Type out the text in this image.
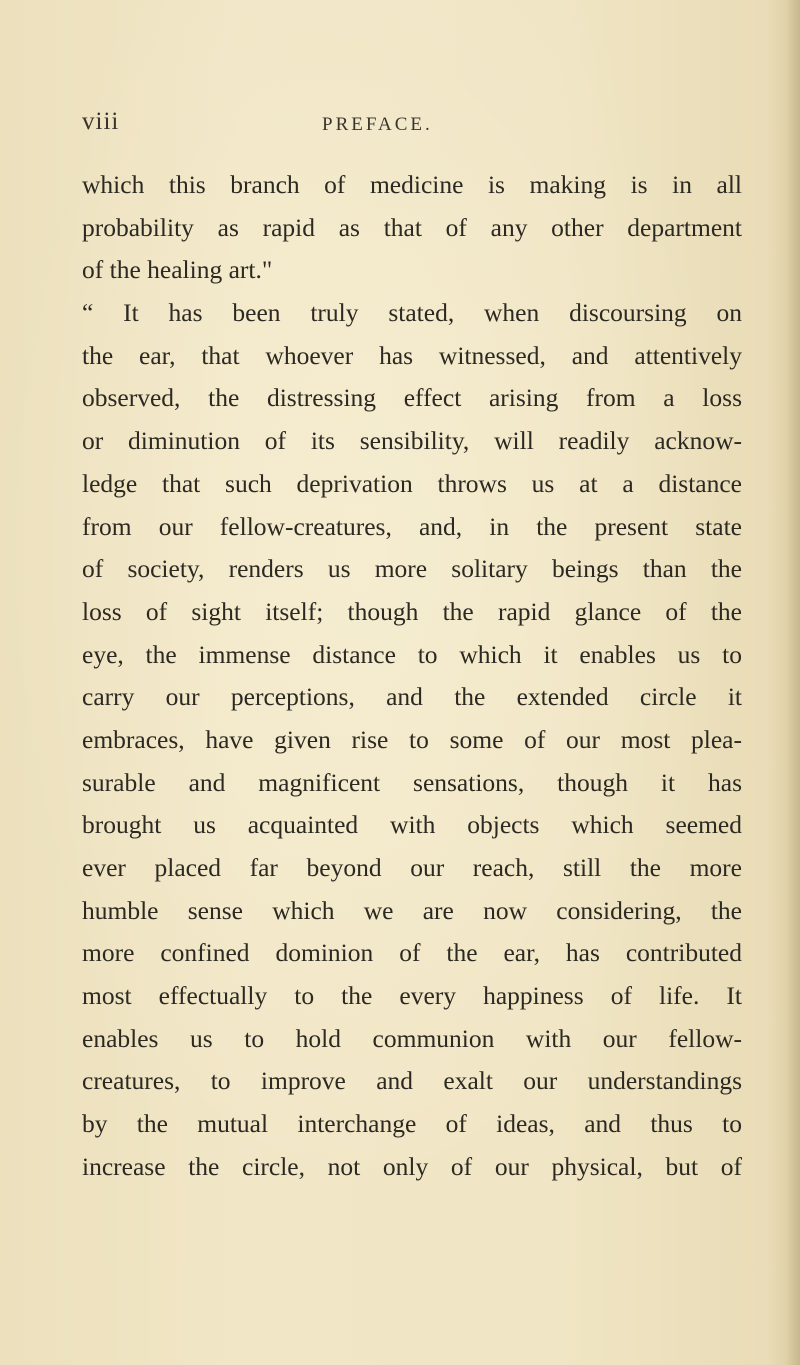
viii	PREFACE.
which this branch of medicine is making is in all
probability as rapid as that of any other department
of the healing art."
“ It has been truly stated, when discoursing on
the ear, that whoever has witnessed, and attentively
observed, the distressing effect arising from a loss
or diminution of its sensibility, will readily acknow-
ledge that such deprivation throws us at a distance
from our fellow-creatures, and, in the present state
of society, renders us more solitary beings than the
loss of sight itself; though the rapid glance of the
eye, the immense distance to which it enables us to
carry our perceptions, and the extended circle it
embraces, have given rise to some of our most plea-
surable and magnificent sensations, though it has
brought us acquainted with objects which seemed
ever placed far beyond our reach, still the more
humble sense which we are now considering, the
more confined dominion of the ear, has contributed
most effectually to the every happiness of life. It
enables us to hold communion with our fellow-
creatures, to improve and exalt our understandings
by the mutual interchange of ideas, and thus to
increase the circle, not only of our physical, but of
